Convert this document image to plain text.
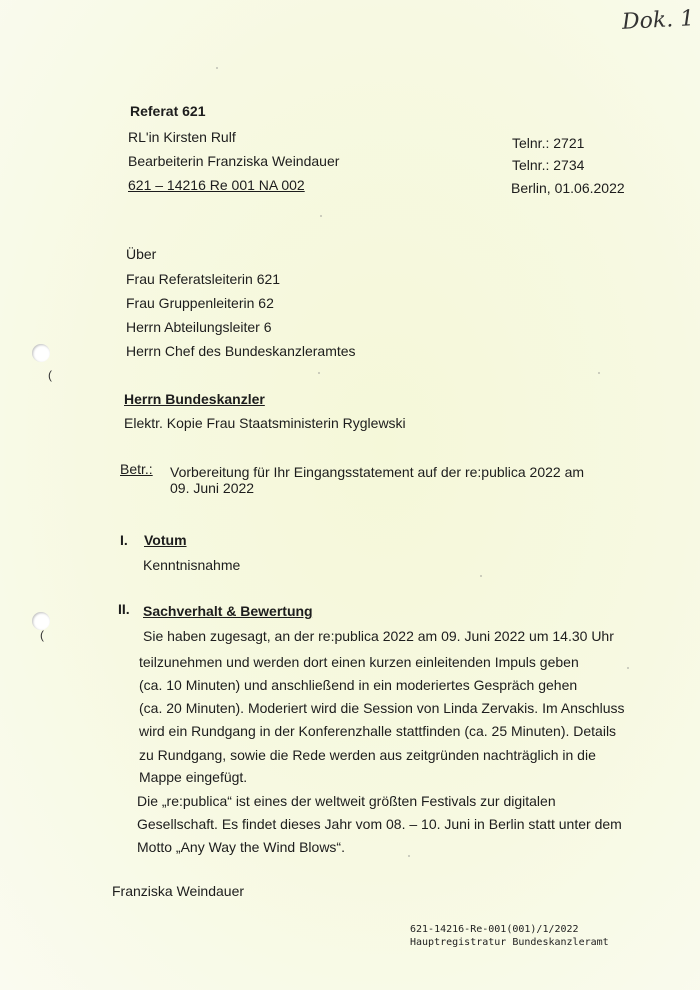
Dok. 1
Referat 621
RL'in Kirsten Rulf
Bearbeiterin Franziska Weindauer
621 – 14216 Re 001 NA 002
Telnr.: 2721
Telnr.: 2734
Berlin, 01.06.2022
Über
Frau Referatsleiterin 621
Frau Gruppenleiterin 62
Herrn Abteilungsleiter 6
Herrn Chef des Bundeskanzleramtes
Herrn Bundeskanzler
Elektr. Kopie Frau Staatsministerin Ryglewski
Betr.: Vorbereitung für Ihr Eingangsstatement auf der re:publica 2022 am
09. Juni 2022
I. Votum
Kenntnisnahme
II. Sachverhalt & Bewertung
Sie haben zugesagt, an der re:publica 2022 am 09. Juni 2022 um 14.30 Uhr
teilzunehmen und werden dort einen kurzen einleitenden Impuls geben
(ca. 10 Minuten) und anschließend in ein moderiertes Gespräch gehen
(ca. 20 Minuten). Moderiert wird die Session von Linda Zervakis. Im Anschluss
wird ein Rundgang in der Konferenzhalle stattfinden (ca. 25 Minuten). Details
zu Rundgang, sowie die Rede werden aus zeitgründen nachträglich in die
Mappe eingefügt.
Die „re:publica“ ist eines der weltweit größten Festivals zur digitalen
Gesellschaft. Es findet dieses Jahr vom 08. – 10. Juni in Berlin statt unter dem
Motto „Any Way the Wind Blows“.
Franziska Weindauer
621-14216-Re-001(001)/1/2022
Hauptregistratur Bundeskanzleramt
(
(
